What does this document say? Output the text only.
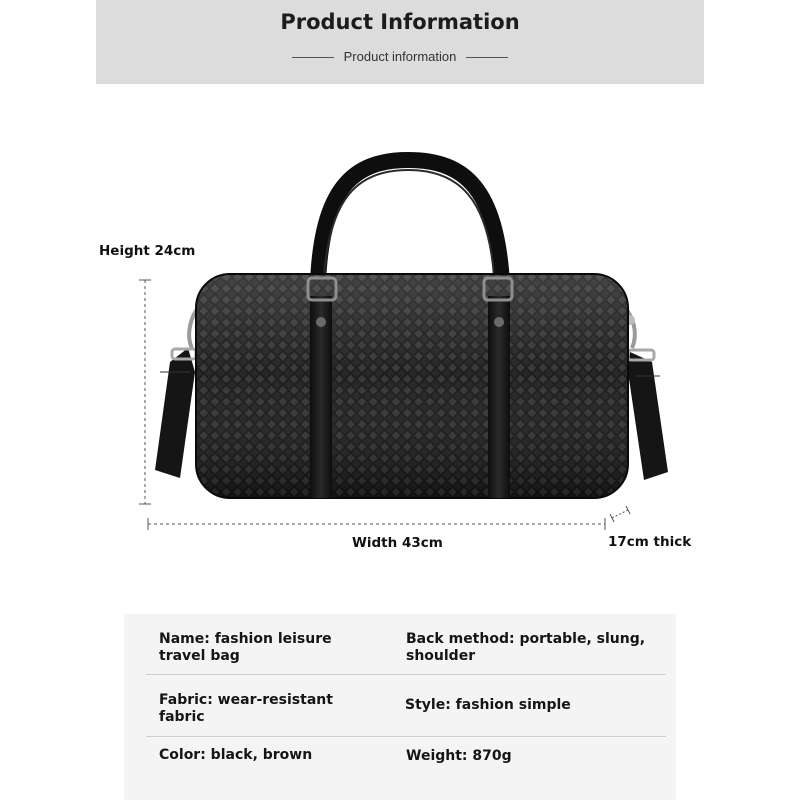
Product Information
Product information
Height 24cm
Width 43cm	17cm thick
Name: fashion leisure travel bag
Back method: portable, slung, shoulder
Fabric: wear-resistant fabric
Style: fashion simple
Color: black, brown	Weight: 870g
